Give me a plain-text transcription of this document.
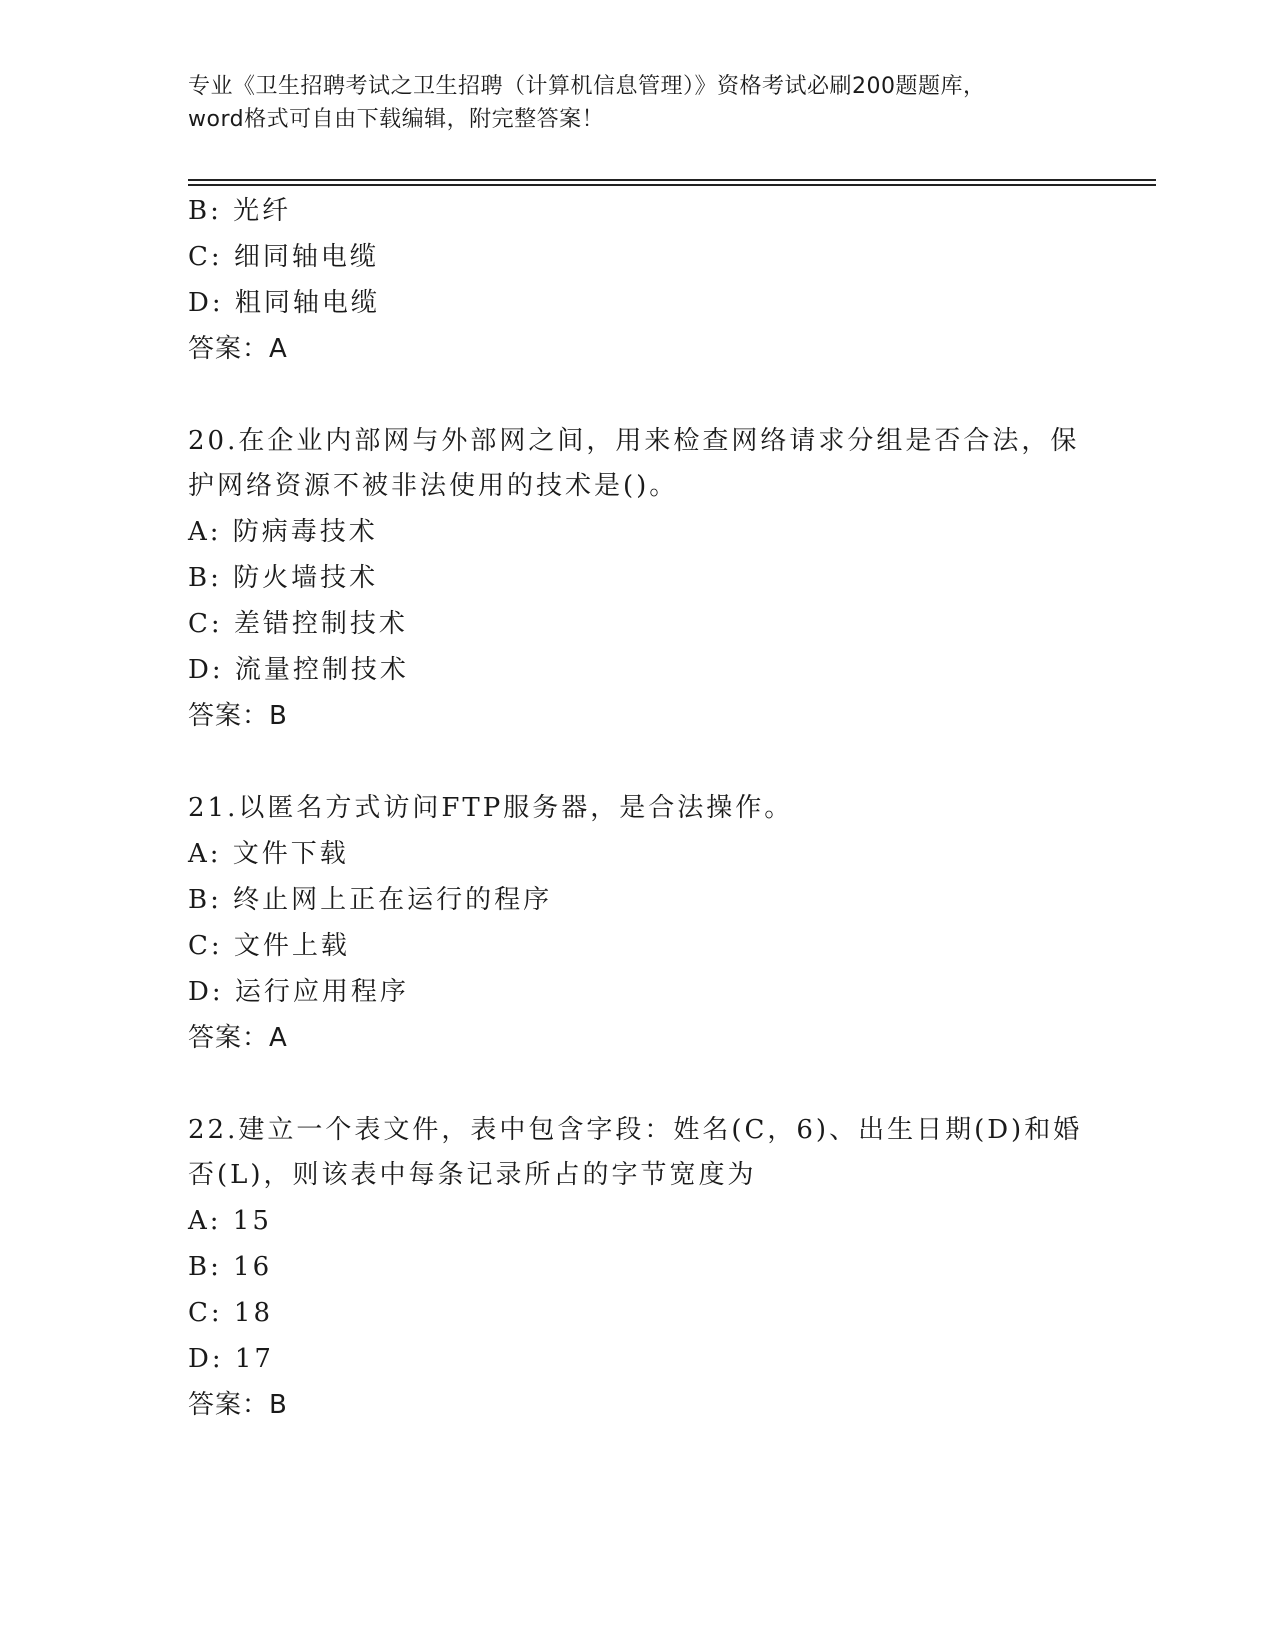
专业《卫生招聘考试之卫生招聘（计算机信息管理）》资格考试必刷200题题库，
word格式可自由下载编辑，附完整答案！
B: 光纤
C: 细同轴电缆
D: 粗同轴电缆
答案：A
20.在企业内部网与外部网之间，用来检查网络请求分组是否合法，保
护网络资源不被非法使用的技术是()。
A: 防病毒技术
B: 防火墙技术
C: 差错控制技术
D: 流量控制技术
答案：B
21.以匿名方式访问FTP服务器，是合法操作。
A: 文件下载
B: 终止网上正在运行的程序
C: 文件上载
D: 运行应用程序
答案：A
22.建立一个表文件，表中包含字段：姓名(C，6)、出生日期(D)和婚
否(L)，则该表中每条记录所占的字节宽度为
A: 15
B: 16
C: 18
D: 17
答案：B
